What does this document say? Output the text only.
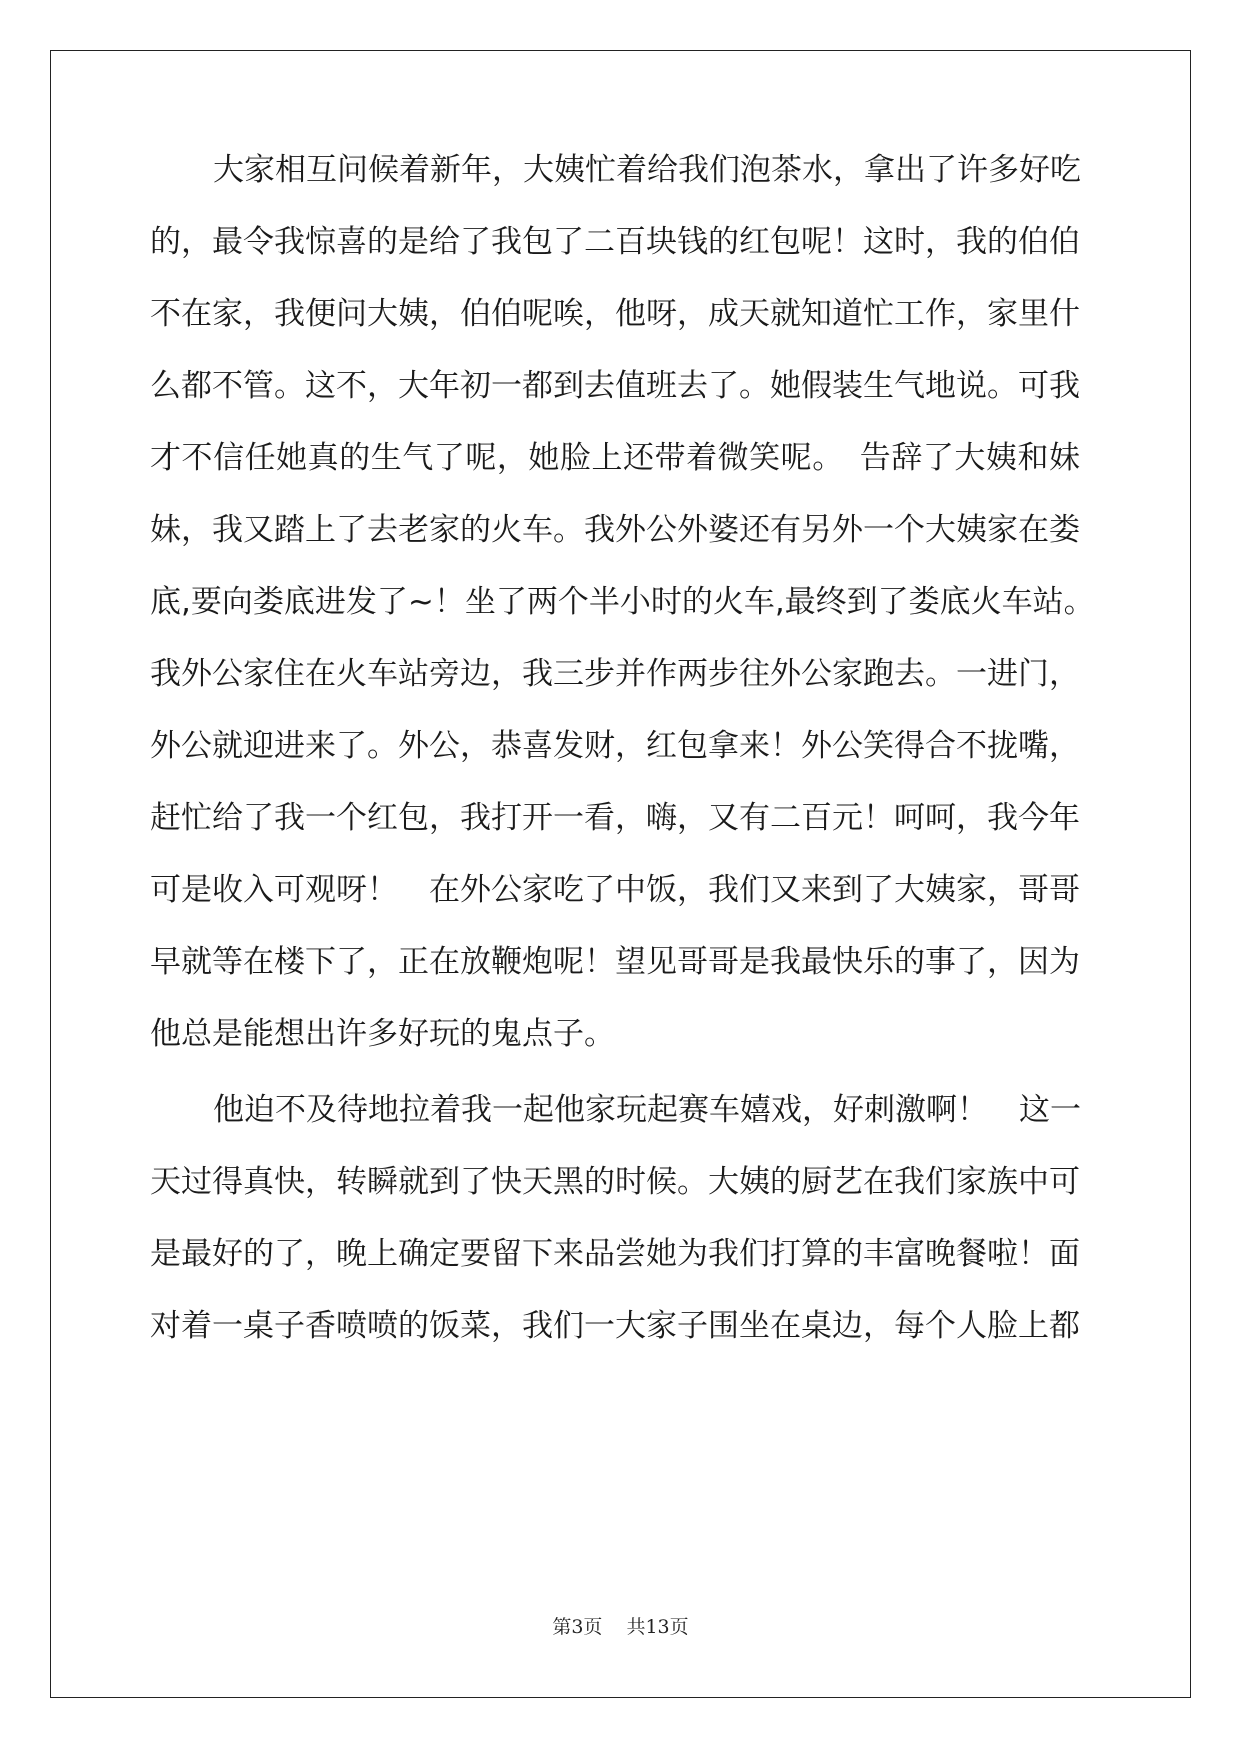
大家相互问候着新年，大姨忙着给我们泡茶水，拿出了许多好吃
的，最令我惊喜的是给了我包了二百块钱的红包呢！这时，我的伯伯
不在家，我便问大姨，伯伯呢唉，他呀，成天就知道忙工作，家里什
么都不管。这不，大年初一都到去值班去了。她假装生气地说。可我
才不信任她真的生气了呢，她脸上还带着微笑呢。　告辞了大姨和妹
妹，我又踏上了去老家的火车。我外公外婆还有另外一个大姨家在娄
底,要向娄底进发了~！坐了两个半小时的火车,最终到了娄底火车站。
我外公家住在火车站旁边，我三步并作两步往外公家跑去。一进门，
外公就迎进来了。外公，恭喜发财，红包拿来！外公笑得合不拢嘴，
赶忙给了我一个红包，我打开一看，嗨，又有二百元！呵呵，我今年
可是收入可观呀！　在外公家吃了中饭，我们又来到了大姨家，哥哥
早就等在楼下了，正在放鞭炮呢！望见哥哥是我最快乐的事了，因为
他总是能想出许多好玩的鬼点子。
他迫不及待地拉着我一起他家玩起赛车嬉戏，好刺激啊！　这一
天过得真快，转瞬就到了快天黑的时候。大姨的厨艺在我们家族中可
是最好的了，晚上确定要留下来品尝她为我们打算的丰富晚餐啦！面
对着一桌子香喷喷的饭菜，我们一大家子围坐在桌边，每个人脸上都
第3页 共13页
